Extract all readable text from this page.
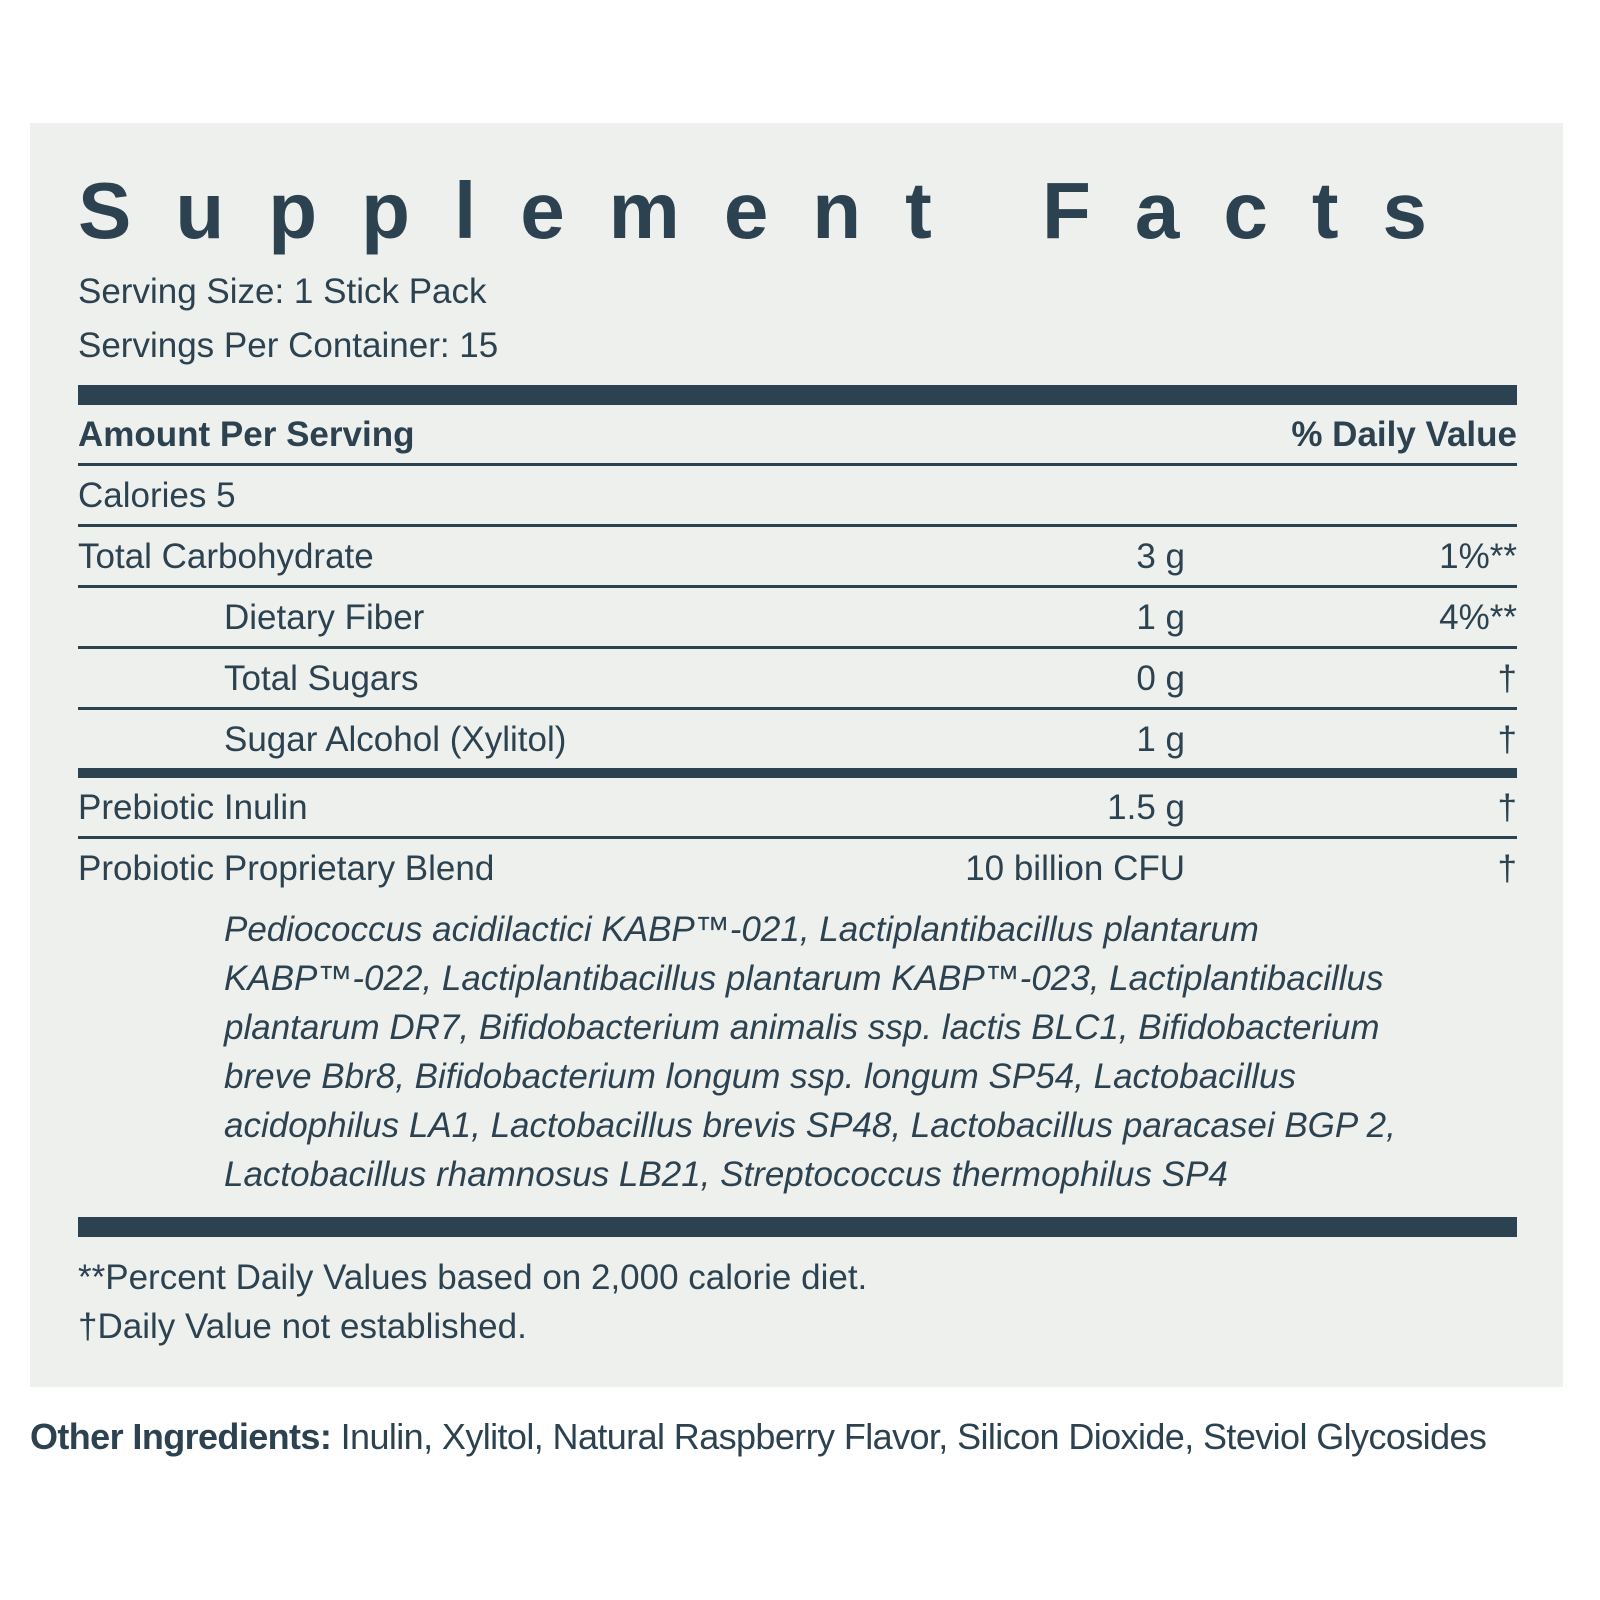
Supplement Facts
Serving Size: 1 Stick Pack
Servings Per Container: 15
Amount Per Serving	% Daily Value
Calories 5
Total Carbohydrate	3 g	1%**
Dietary Fiber	1 g	4%**
Total Sugars	0 g	†
Sugar Alcohol (Xylitol)	1 g	†
Prebiotic Inulin	1.5 g	†
Probiotic Proprietary Blend	10 billion CFU	†
Pediococcus acidilactici KABP™-021, Lactiplantibacillus plantarum
KABP™-022, Lactiplantibacillus plantarum KABP™-023, Lactiplantibacillus
plantarum DR7, Bifidobacterium animalis ssp. lactis BLC1, Bifidobacterium
breve Bbr8, Bifidobacterium longum ssp. longum SP54, Lactobacillus
acidophilus LA1, Lactobacillus brevis SP48, Lactobacillus paracasei BGP 2,
Lactobacillus rhamnosus LB21, Streptococcus thermophilus SP4
**Percent Daily Values based on 2,000 calorie diet.
†Daily Value not established.
Other Ingredients: Inulin, Xylitol, Natural Raspberry Flavor, Silicon Dioxide, Steviol Glycosides
